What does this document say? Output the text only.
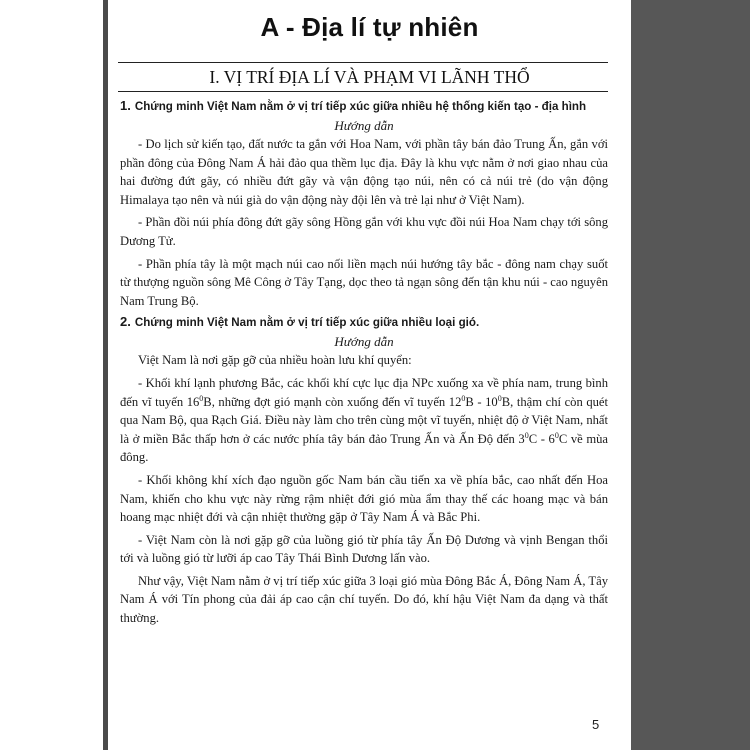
A - Địa lí tự nhiên
I. VỊ TRÍ ĐỊA LÍ VÀ PHẠM VI LÃNH THỔ

1. Chứng minh Việt Nam nằm ở vị trí tiếp xúc giữa nhiều hệ thống kiến tạo - địa hình

Hướng dẫn

- Do lịch sử kiến tạo, đất nước ta gắn với Hoa Nam, với phần tây bán đảo Trung Ấn, gắn với phần đông của Đông Nam Á hải đảo qua thềm lục địa. Đây là khu vực nằm ở nơi giao nhau của hai đường đứt gãy, có nhiều đứt gãy và vận động tạo núi, nên có cả núi trẻ (do vận động Himalaya tạo nên và núi già do vận động này đội lên và trẻ lại như ở Việt Nam).

- Phần đồi núi phía đông đứt gãy sông Hồng gắn với khu vực đồi núi Hoa Nam chạy tới sông Dương Tử.

- Phần phía tây là một mạch núi cao nối liền mạch núi hướng tây bắc - đông nam chạy suốt từ thượng nguồn sông Mê Công ở Tây Tạng, dọc theo tả ngạn sông đến tận khu núi - cao nguyên Nam Trung Bộ.

2. Chứng minh Việt Nam nằm ở vị trí tiếp xúc giữa nhiều loại gió.

Hướng dẫn

Việt Nam là nơi gặp gỡ của nhiều hoàn lưu khí quyển:

- Khối khí lạnh phương Bắc, các khối khí cực lục địa NPc xuống xa về phía nam, trung bình đến vĩ tuyến $16^0B$, những đợt gió mạnh còn xuống đến vĩ tuyến $12^0B - 10^0B$, thậm chí còn quét qua Nam Bộ, qua Rạch Giá. Điều này làm cho trên cùng một vĩ tuyến, nhiệt độ ở Việt Nam, nhất là ở miền Bắc thấp hơn ở các nước phía tây bán đảo Trung Ấn và Ấn Độ đến $3^0C - 6^0C$ về mùa đông.

- Khối không khí xích đạo nguồn gốc Nam bán cầu tiến xa về phía bắc, cao nhất đến Hoa Nam, khiến cho khu vực này rừng rậm nhiệt đới gió mùa ẩm thay thế các hoang mạc và bán hoang mạc nhiệt đới và cận nhiệt thường gặp ở Tây Nam Á và Bắc Phi.

- Việt Nam còn là nơi gặp gỡ của luồng gió từ phía tây Ấn Độ Dương và vịnh Bengan thổi tới và luồng gió từ lưỡi áp cao Tây Thái Bình Dương lấn vào.

Như vậy, Việt Nam nằm ở vị trí tiếp xúc giữa 3 loại gió mùa Đông Bắc Á, Đông Nam Á, Tây Nam Á với Tín phong của đải áp cao cận chí tuyến. Do đó, khí hậu Việt Nam đa dạng và thất thường.

5
